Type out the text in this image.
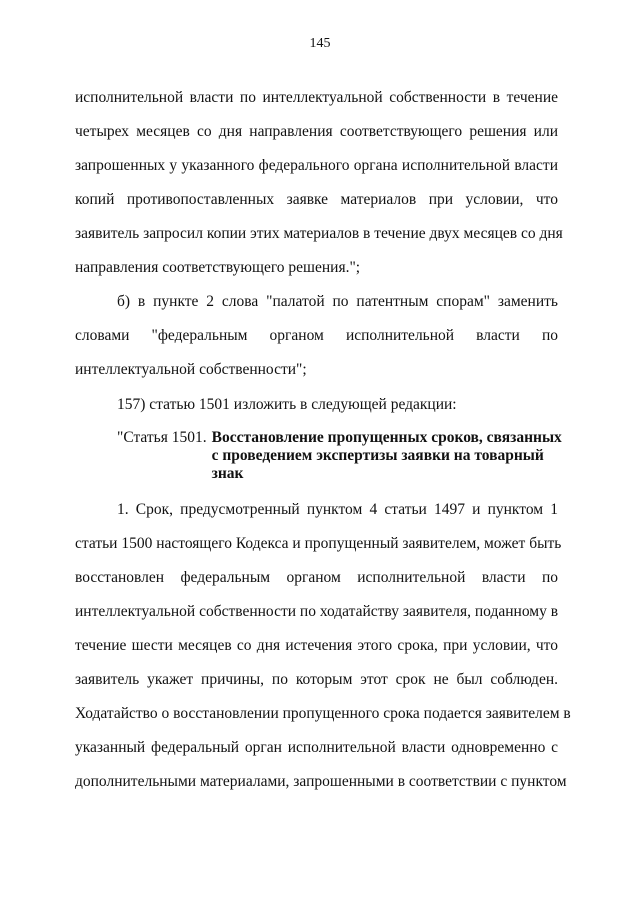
145
исполнительной власти по интеллектуальной собственности в течение
четырех месяцев со дня направления соответствующего решения или
запрошенных у указанного федерального органа исполнительной власти
копий противопоставленных заявке материалов при условии, что
заявитель запросил копии этих материалов в течение двух месяцев со дня
направления соответствующего решения.";
б) в пункте 2 слова "палатой по патентным спорам" заменить
словами "федеральным органом исполнительной власти по
интеллектуальной собственности";
157) статью 1501 изложить в следующей редакции:
"Статья 1501. Восстановление пропущенных сроков, связанных
с проведением экспертизы заявки на товарный
знак
1. Срок, предусмотренный пунктом 4 статьи 1497 и пунктом 1
статьи 1500 настоящего Кодекса и пропущенный заявителем, может быть
восстановлен федеральным органом исполнительной власти по
интеллектуальной собственности по ходатайству заявителя, поданному в
течение шести месяцев со дня истечения этого срока, при условии, что
заявитель укажет причины, по которым этот срок не был соблюден.
Ходатайство о восстановлении пропущенного срока подается заявителем в
указанный федеральный орган исполнительной власти одновременно с
дополнительными материалами, запрошенными в соответствии с пунктом
